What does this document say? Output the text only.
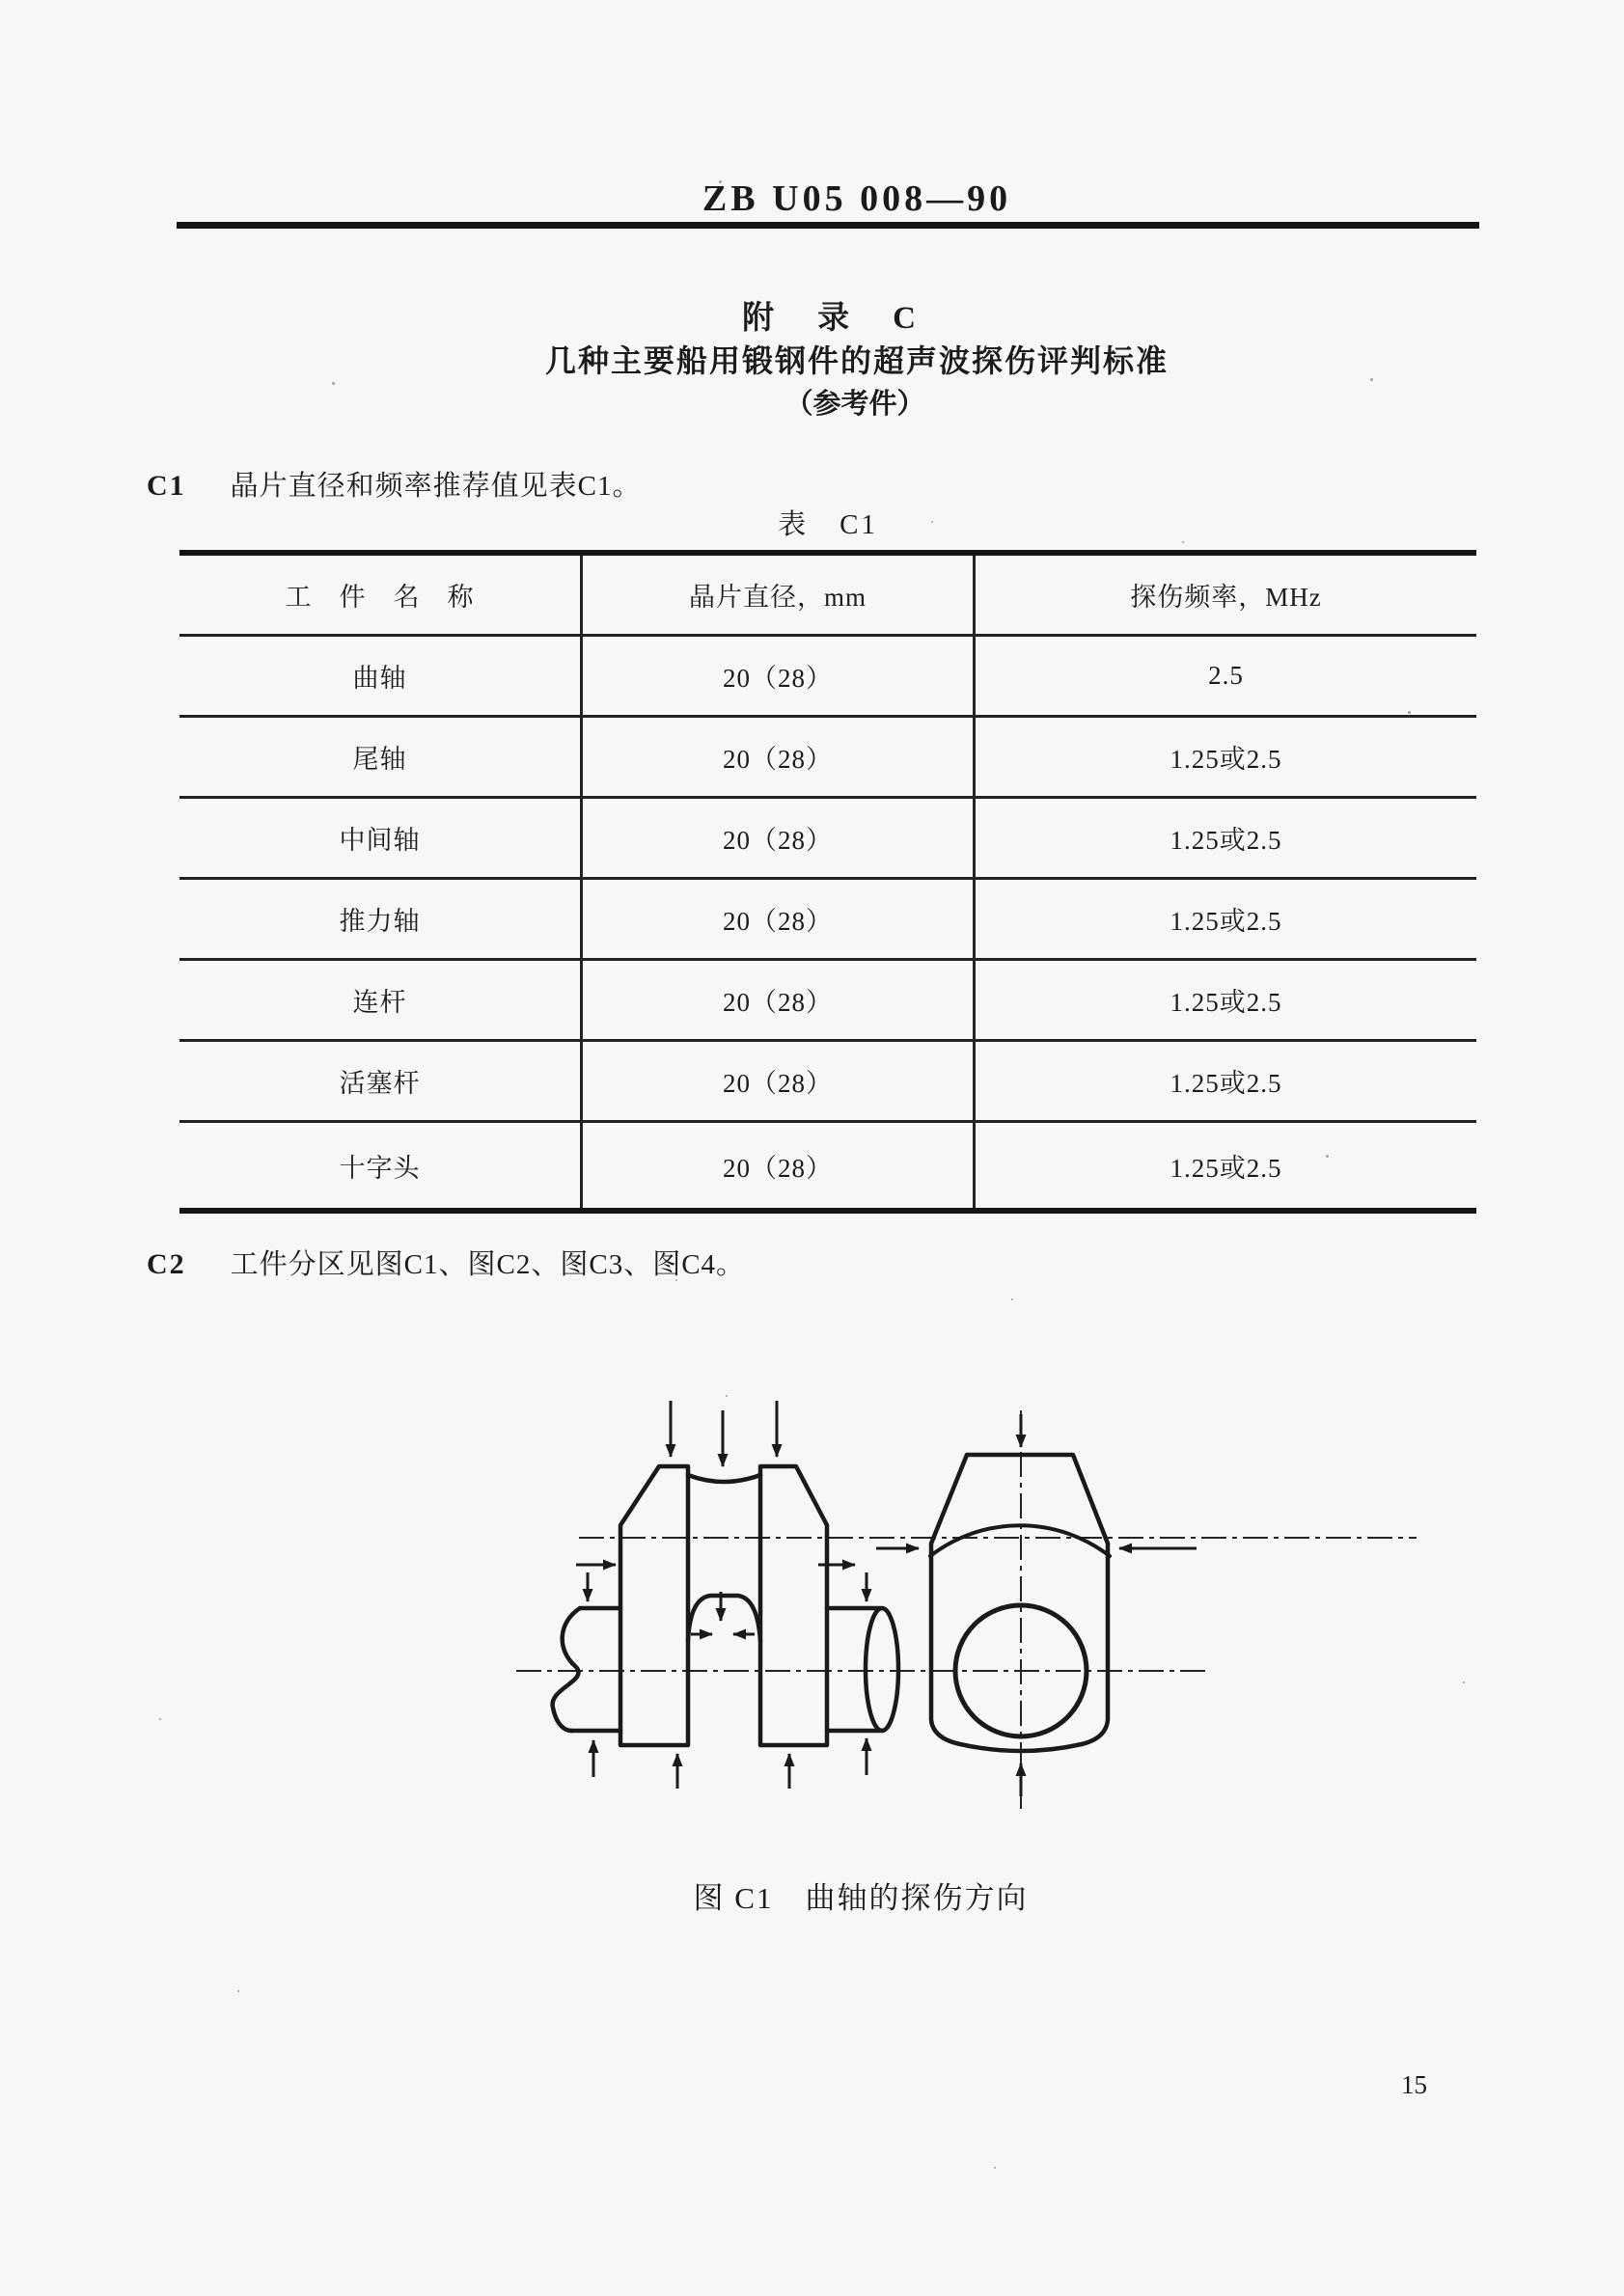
ZB U05 008—90
附　录　C
几种主要船用锻钢件的超声波探伤评判标准
（参考件）
C1 晶片直径和频率推荐值见表C1。
表　C1
工　件　名　称	晶片直径，mm	探伤频率，MHz
曲轴	20（28）	2.5
尾轴	20（28）	1.25或2.5
中间轴	20（28）	1.25或2.5
推力轴	20（28）	1.25或2.5
连杆	20（28）	1.25或2.5
活塞杆	20（28）	1.25或2.5
十字头	20（28）	1.25或2.5
C2 工件分区见图C1、图C2、图C3、图C4。
图 C1　曲轴的探伤方向
15
